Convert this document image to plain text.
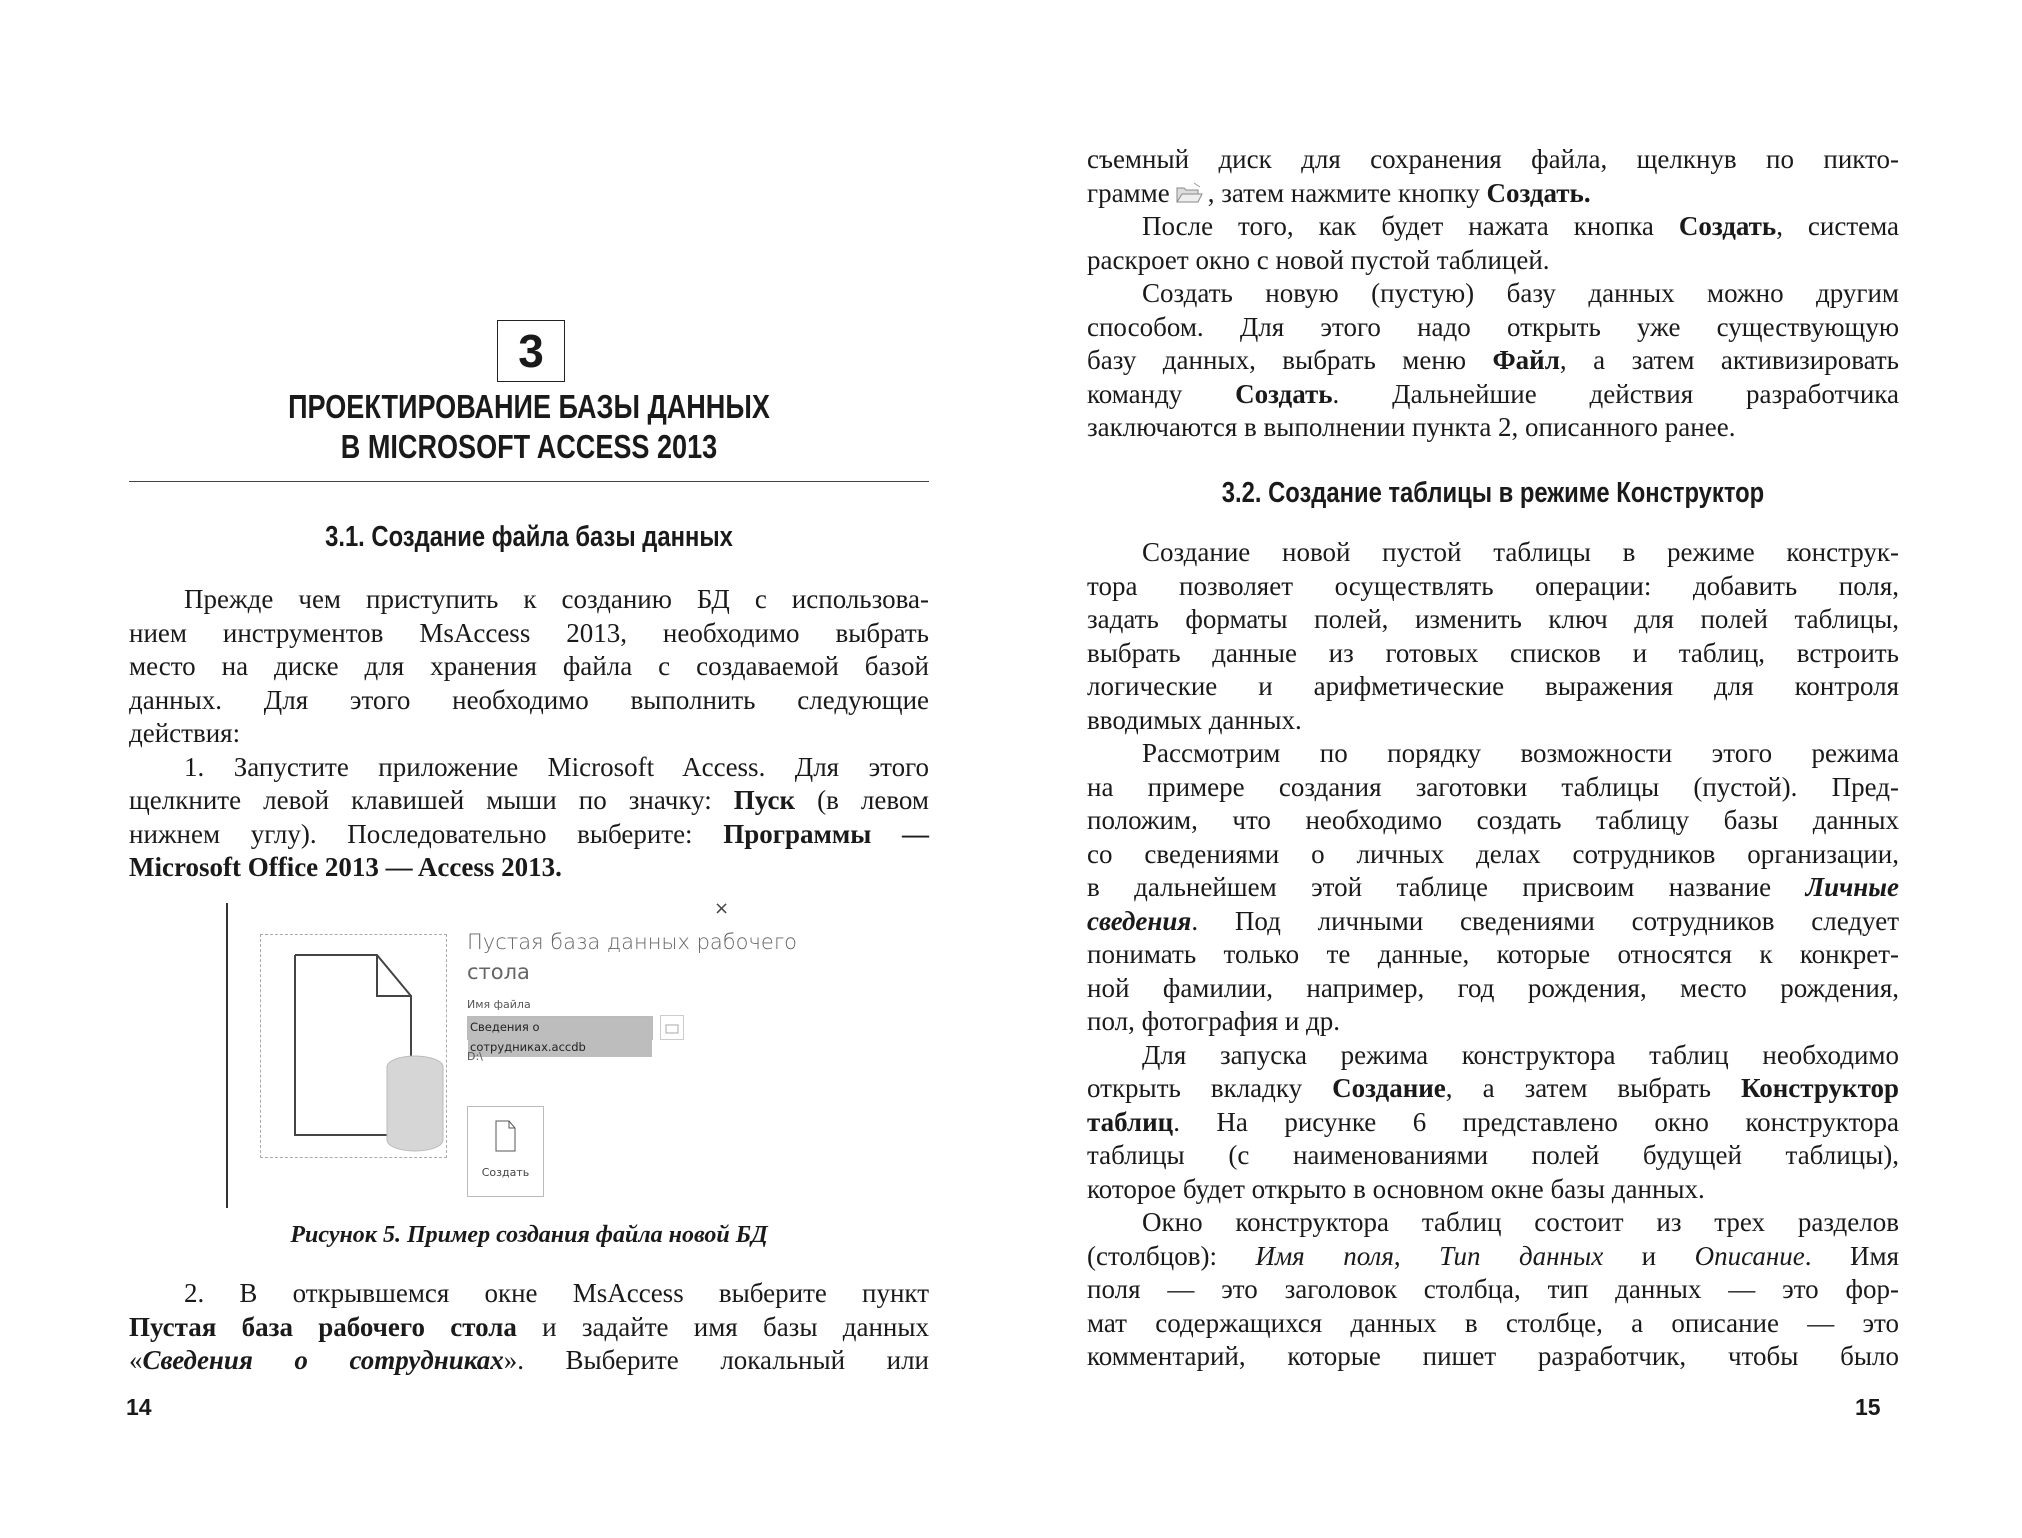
3
ПРОЕКТИРОВАНИЕ БАЗЫ ДАННЫХ
В MICROSOFT ACCESS 2013
3.1. Создание файла базы данных
Прежде чем приступить к созданию БД с использова-
нием инструментов MsAccess 2013, необходимо выбрать
место на диске для хранения файла с создаваемой базой
данных. Для этого необходимо выполнить следующие
действия:
1. Запустите приложение Microsoft Access. Для этого
щелкните левой клавишей мыши по значку: Пуск (в левом
нижнем углу). Последовательно выберите: Программы —
Microsoft Office 2013 — Access 2013.
×
Пустая база данных рабочего
стола
Имя файла
Сведения о сотрудниках.accdb
D:\
Создать
Рисунок 5. Пример создания файла новой БД
2. В открывшемся окне MsAccess выберите пункт
Пустая база рабочего стола и задайте имя базы данных
«Сведения о сотрудниках». Выберите локальный или
14
съемный диск для сохранения файла, щелкнув по пикто-
грамме , затем нажмите кнопку Создать.
После того, как будет нажата кнопка Создать, система
раскроет окно с новой пустой таблицей.
Создать новую (пустую) базу данных можно другим
способом. Для этого надо открыть уже существующую
базу данных, выбрать меню Файл, а затем активизировать
команду Создать. Дальнейшие действия разработчика
заключаются в выполнении пункта 2, описанного ранее.
3.2. Создание таблицы в режиме Конструктор
Создание новой пустой таблицы в режиме конструк-
тора позволяет осуществлять операции: добавить поля,
задать форматы полей, изменить ключ для полей таблицы,
выбрать данные из готовых списков и таблиц, встроить
логические и арифметические выражения для контроля
вводимых данных.
Рассмотрим по порядку возможности этого режима
на примере создания заготовки таблицы (пустой). Пред-
положим, что необходимо создать таблицу базы данных
со сведениями о личных делах сотрудников организации,
в дальнейшем этой таблице присвоим название Личные
сведения. Под личными сведениями сотрудников следует
понимать только те данные, которые относятся к конкрет-
ной фамилии, например, год рождения, место рождения,
пол, фотография и др.
Для запуска режима конструктора таблиц необходимо
открыть вкладку Создание, а затем выбрать Конструктор
таблиц. На рисунке 6 представлено окно конструктора
таблицы (с наименованиями полей будущей таблицы),
которое будет открыто в основном окне базы данных.
Окно конструктора таблиц состоит из трех разделов
(столбцов): Имя поля, Тип данных и Описание. Имя
поля — это заголовок столбца, тип данных — это фор-
мат содержащихся данных в столбце, а описание — это
комментарий, которые пишет разработчик, чтобы было
15
